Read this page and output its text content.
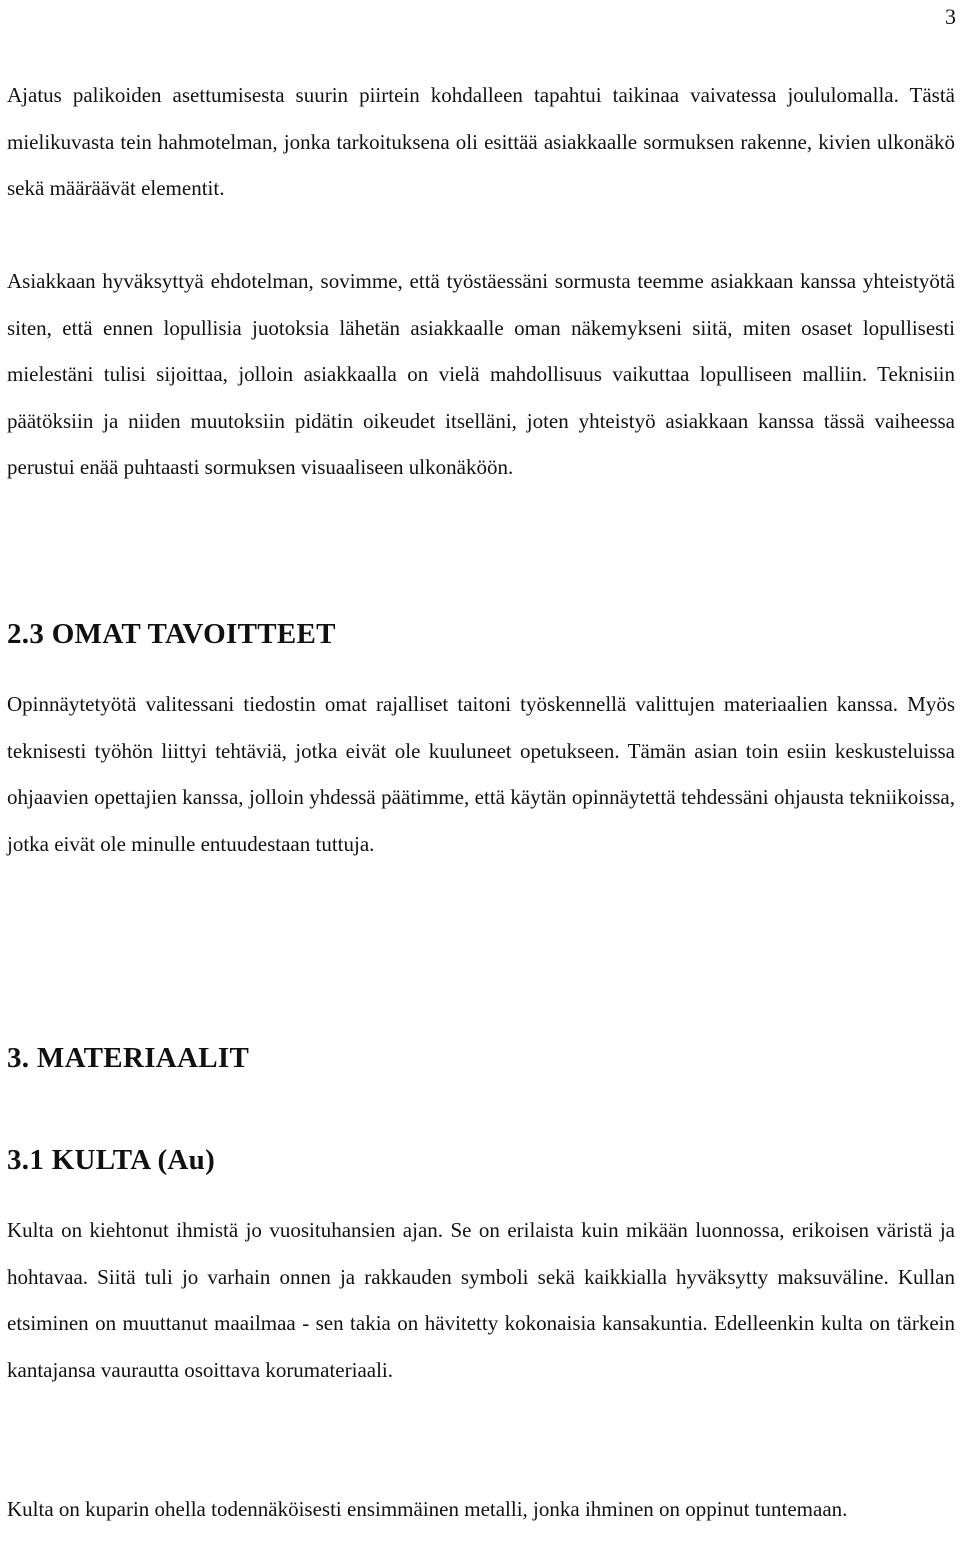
3

Ajatus palikoiden asettumisesta suurin piirtein kohdalleen tapahtui taikinaa vaivatessa joululomalla. Tästä mielikuvasta tein hahmotelman, jonka tarkoituksena oli esittää asiakkaalle sormuksen rakenne, kivien ulkonäkö sekä määräävät elementit.

Asiakkaan hyväksyttyä ehdotelman, sovimme, että työstäessäni sormusta teemme asiakkaan kanssa yhteistyötä siten, että ennen lopullisia juotoksia lähetän asiakkaalle oman näkemykseni siitä, miten osaset lopullisesti mielestäni tulisi sijoittaa, jolloin asiakkaalla on vielä mahdollisuus vaikuttaa lopulliseen malliin. Teknisiin päätöksiin ja niiden muutoksiin pidätin oikeudet itselläni, joten yhteistyö asiakkaan kanssa tässä vaiheessa perustui enää puhtaasti sormuksen visuaaliseen ulkonäköön.

2.3 OMAT TAVOITTEET

Opinnäytetyötä valitessani tiedostin omat rajalliset taitoni työskennellä valittujen materiaalien kanssa. Myös teknisesti työhön liittyi tehtäviä, jotka eivät ole kuuluneet opetukseen. Tämän asian toin esiin keskusteluissa ohjaavien opettajien kanssa, jolloin yhdessä päätimme, että käytän opinnäytettä tehdessäni ohjausta tekniikoissa, jotka eivät ole minulle entuudestaan tuttuja.

3. MATERIAALIT
3.1 KULTA (Au)

Kulta on kiehtonut ihmistä jo vuosituhansien ajan. Se on erilaista kuin mikään luonnossa, erikoisen väristä ja hohtavaa. Siitä tuli jo varhain onnen ja rakkauden symboli sekä kaikkialla hyväksytty maksuväline. Kullan etsiminen on muuttanut maailmaa - sen takia on hävitetty kokonaisia kansakuntia. Edelleenkin kulta on tärkein kantajansa vaurautta osoittava korumateriaali.

Kulta on kuparin ohella todennäköisesti ensimmäinen metalli, jonka ihminen on oppinut tuntemaan.
